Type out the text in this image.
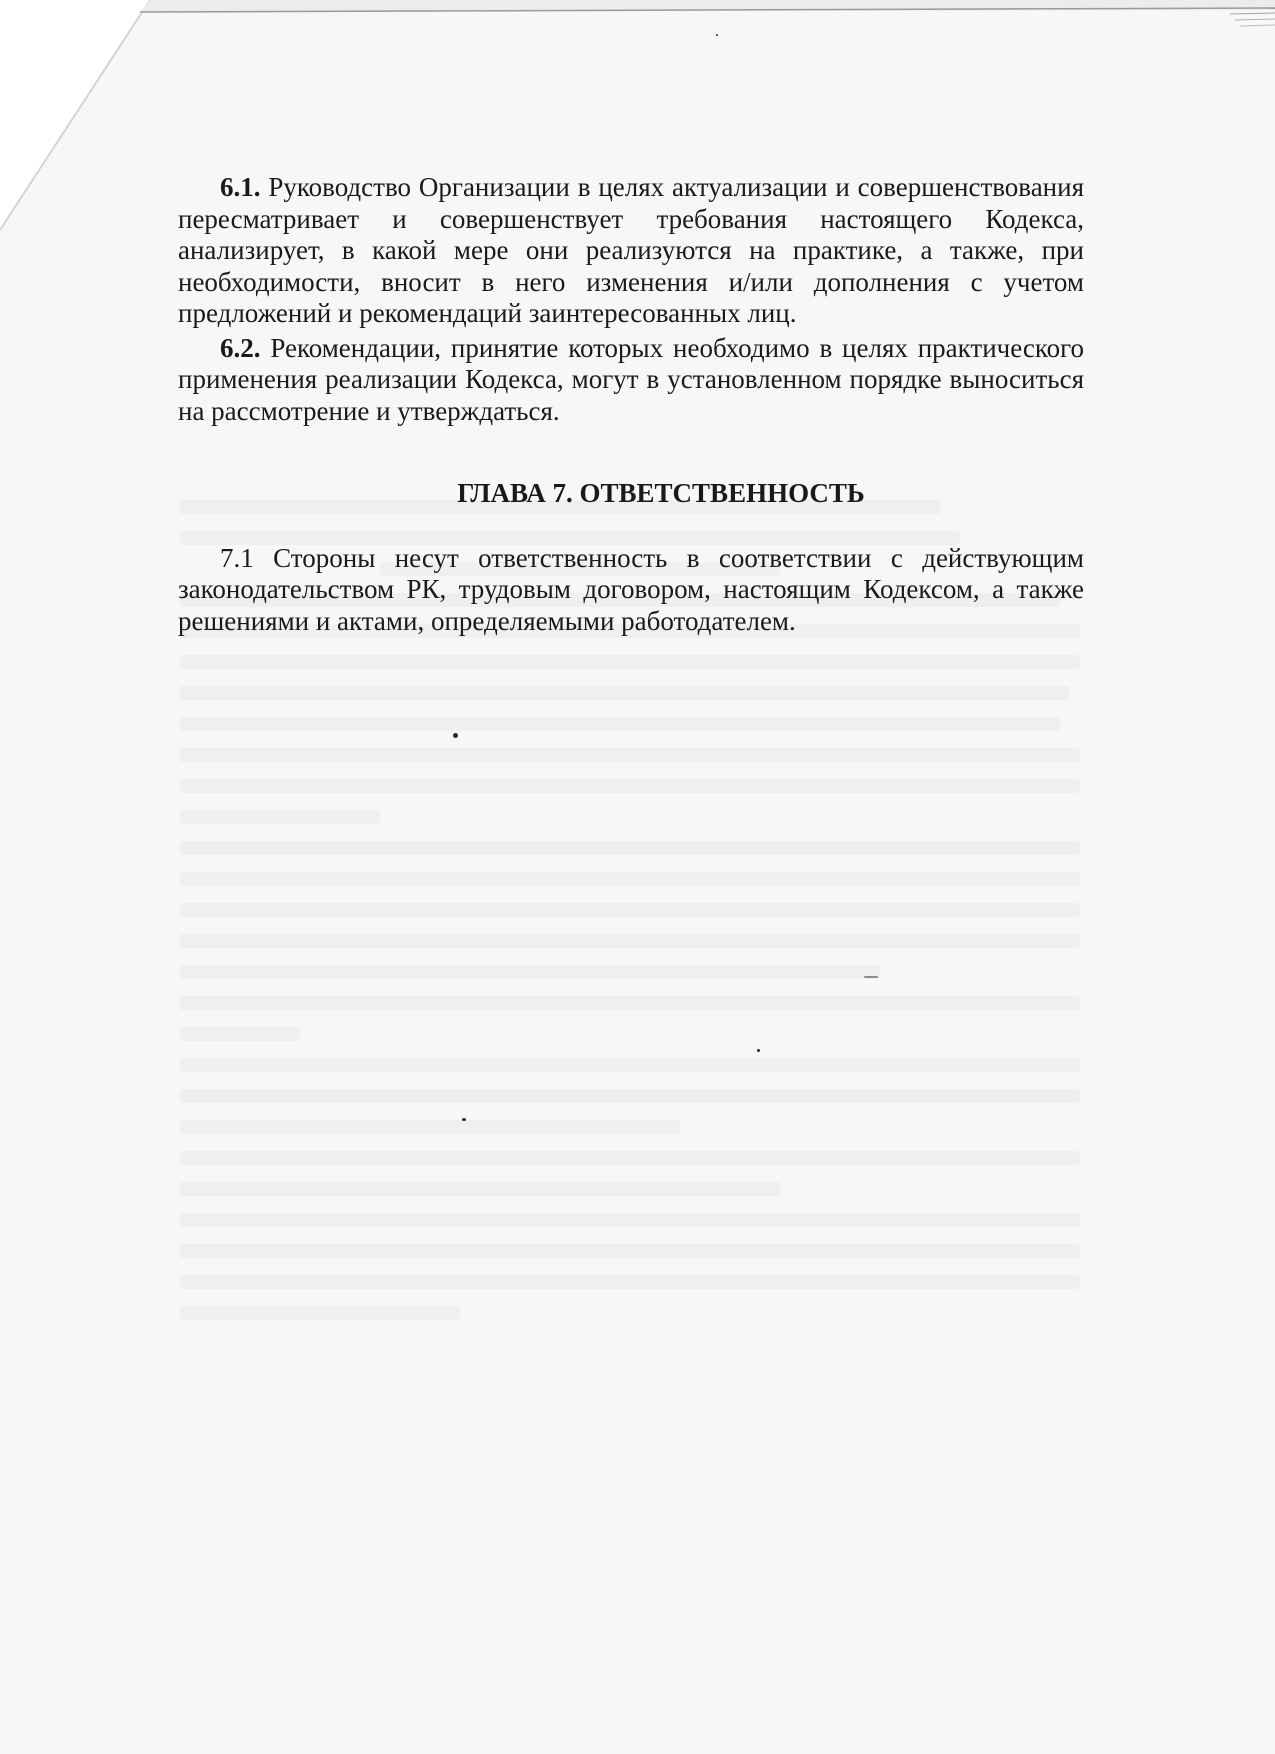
6.1. Руководство Организации в целях актуализации и совершенствования пересматривает и совершенствует требования настоящего Кодекса, анализирует, в какой мере они реализуются на практике, а также, при необходимости, вносит в него изменения и/или дополнения с учетом предложений и рекомендаций заинтересованных лиц.

6.2. Рекомендации, принятие которых необходимо в целях практического применения реализации Кодекса, могут в установленном порядке выноситься на рассмотрение и утверждаться.

ГЛАВА 7. ОТВЕТСТВЕННОСТЬ

7.1 Стороны несут ответственность в соответствии с действующим законодательством РК, трудовым договором, настоящим Кодексом, а также решениями и актами, определяемыми работодателем.
